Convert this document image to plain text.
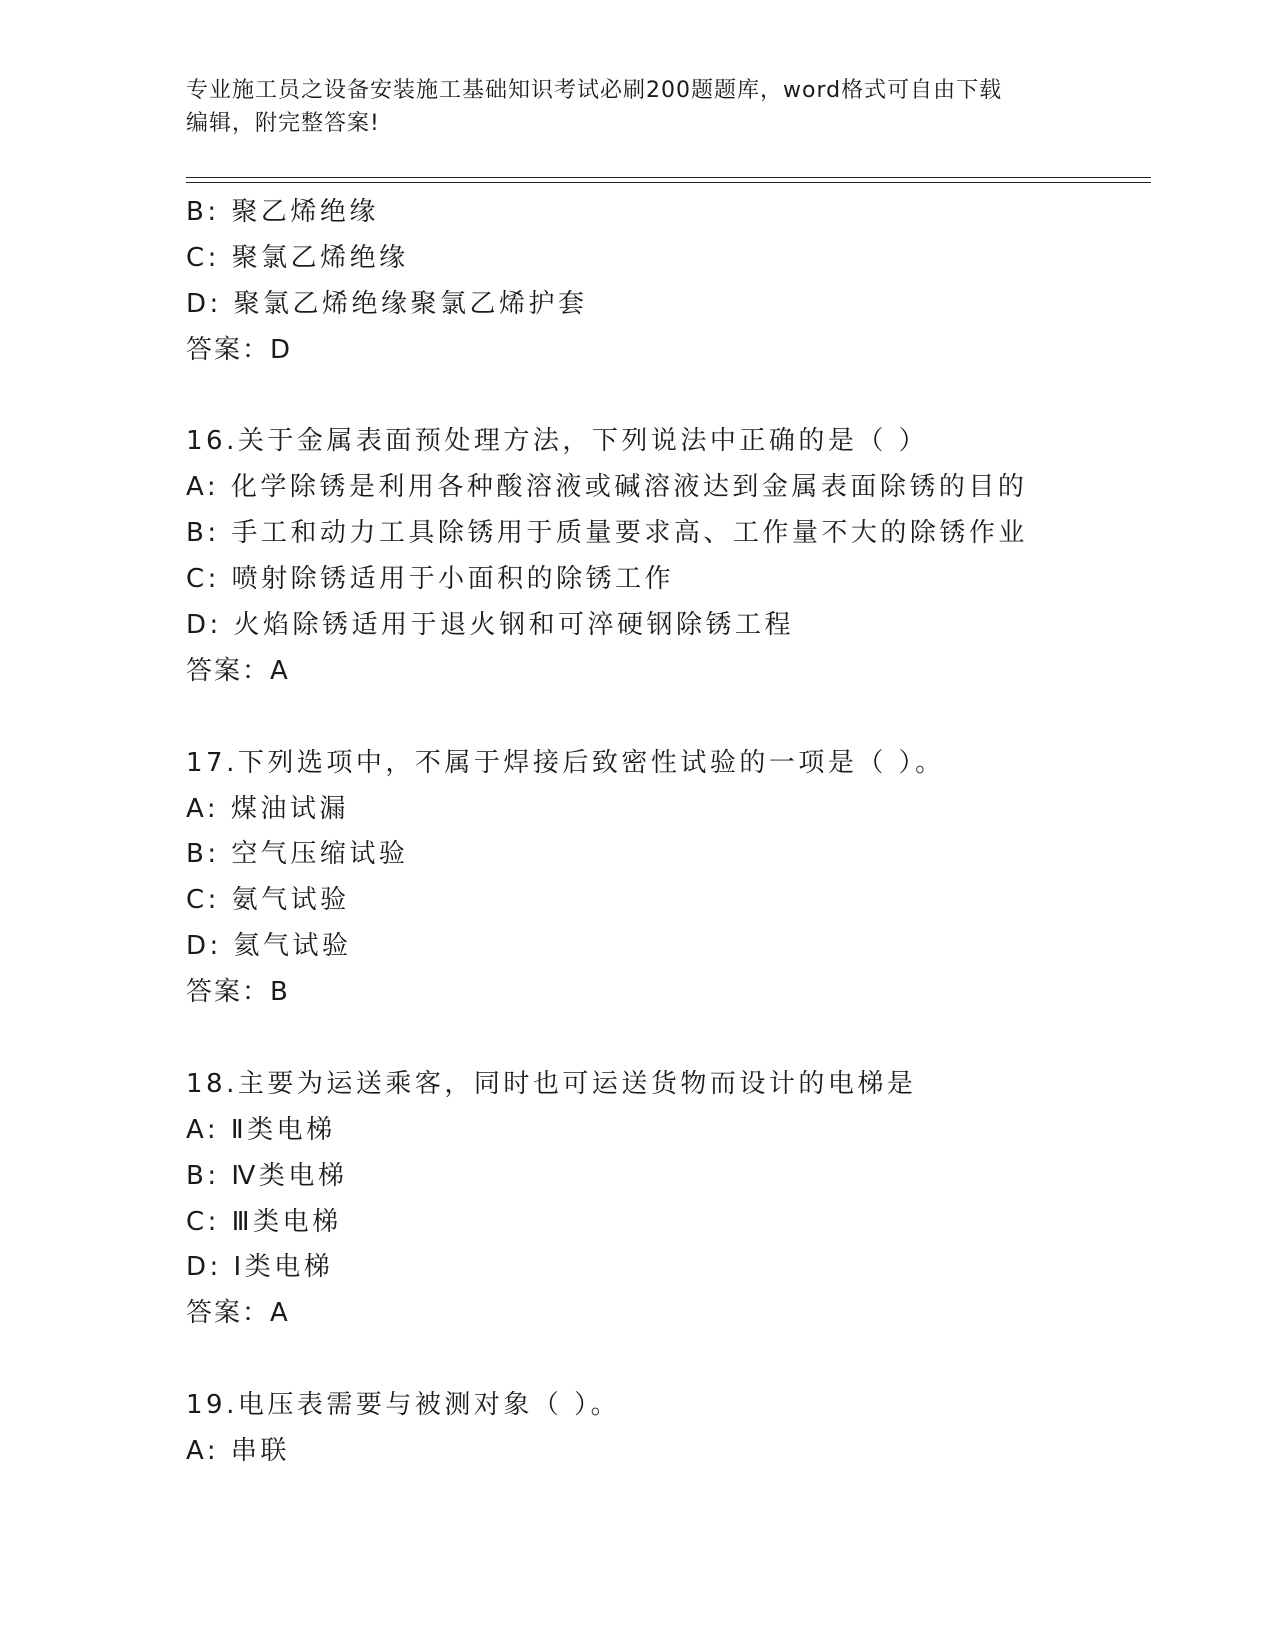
专业施工员之设备安装施工基础知识考试必刷200题题库，word格式可自由下载
编辑，附完整答案!
B: 聚乙烯绝缘
C: 聚氯乙烯绝缘
D: 聚氯乙烯绝缘聚氯乙烯护套
答案：D
16.关于金属表面预处理方法，下列说法中正确的是（ ）
A: 化学除锈是利用各种酸溶液或碱溶液达到金属表面除锈的目的
B: 手工和动力工具除锈用于质量要求高、工作量不大的除锈作业
C: 喷射除锈适用于小面积的除锈工作
D: 火焰除锈适用于退火钢和可淬硬钢除锈工程
答案：A
17.下列选项中，不属于焊接后致密性试验的一项是（ ）。
A: 煤油试漏
B: 空气压缩试验
C: 氨气试验
D: 氦气试验
答案：B
18.主要为运送乘客，同时也可运送货物而设计的电梯是
A: Ⅱ类电梯
B: Ⅳ类电梯
C: Ⅲ类电梯
D: Ⅰ类电梯
答案：A
19.电压表需要与被测对象（ ）。
A: 串联
